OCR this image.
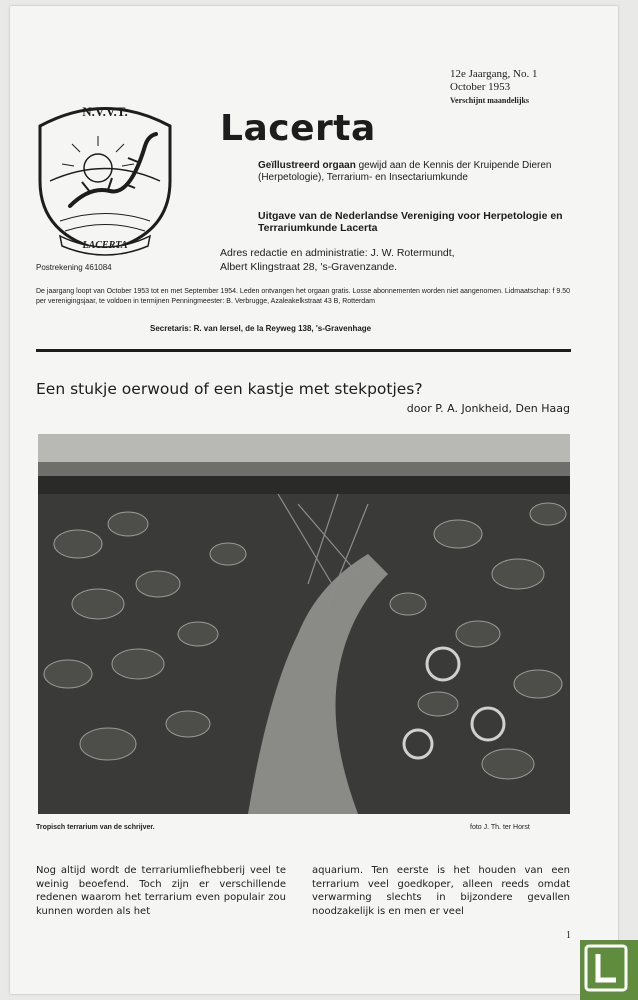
N.V.V.T.
LACERTA
Postrekening 461084
12e Jaargang, No. 1
October 1953
Verschijnt maandelijks
Lacerta
Geïllustreerd orgaan gewijd aan de Kennis der Kruipende Dieren (Herpetologie), Terrarium- en Insectariumkunde
Uitgave van de Nederlandse Vereniging voor Herpetologie en Terrariumkunde Lacerta
Adres redactie en administratie: J. W. Rotermundt,
Albert Klingstraat 28, 's-Gravenzande.
De jaargang loopt van October 1953 tot en met September 1954. Leden ontvangen het orgaan gratis. Losse abonnementen worden niet aangenomen. Lidmaatschap: f 9.50 per verenigingsjaar, te voldoen in termijnen Penningmeester: B. Verbrugge, Azaleakelkstraat 43 B, Rotterdam
Secretaris: R. van Iersel, de la Reyweg 138, 's-Gravenhage
Een stukje oerwoud of een kastje met stekpotjes?
door P. A. Jonkheid, Den Haag
Tropisch terrarium van de schrijver.	foto J. Th. ter Horst
Nog altijd wordt de terrariumliefhebberij veel te weinig beoefend. Toch zijn er verschillende redenen waarom het terrarium even populair zou kunnen worden als het
aquarium. Ten eerste is het houden van een terrarium veel goedkoper, alleen reeds omdat verwarming slechts in bijzondere gevallen noodzakelijk is en men er veel
1
